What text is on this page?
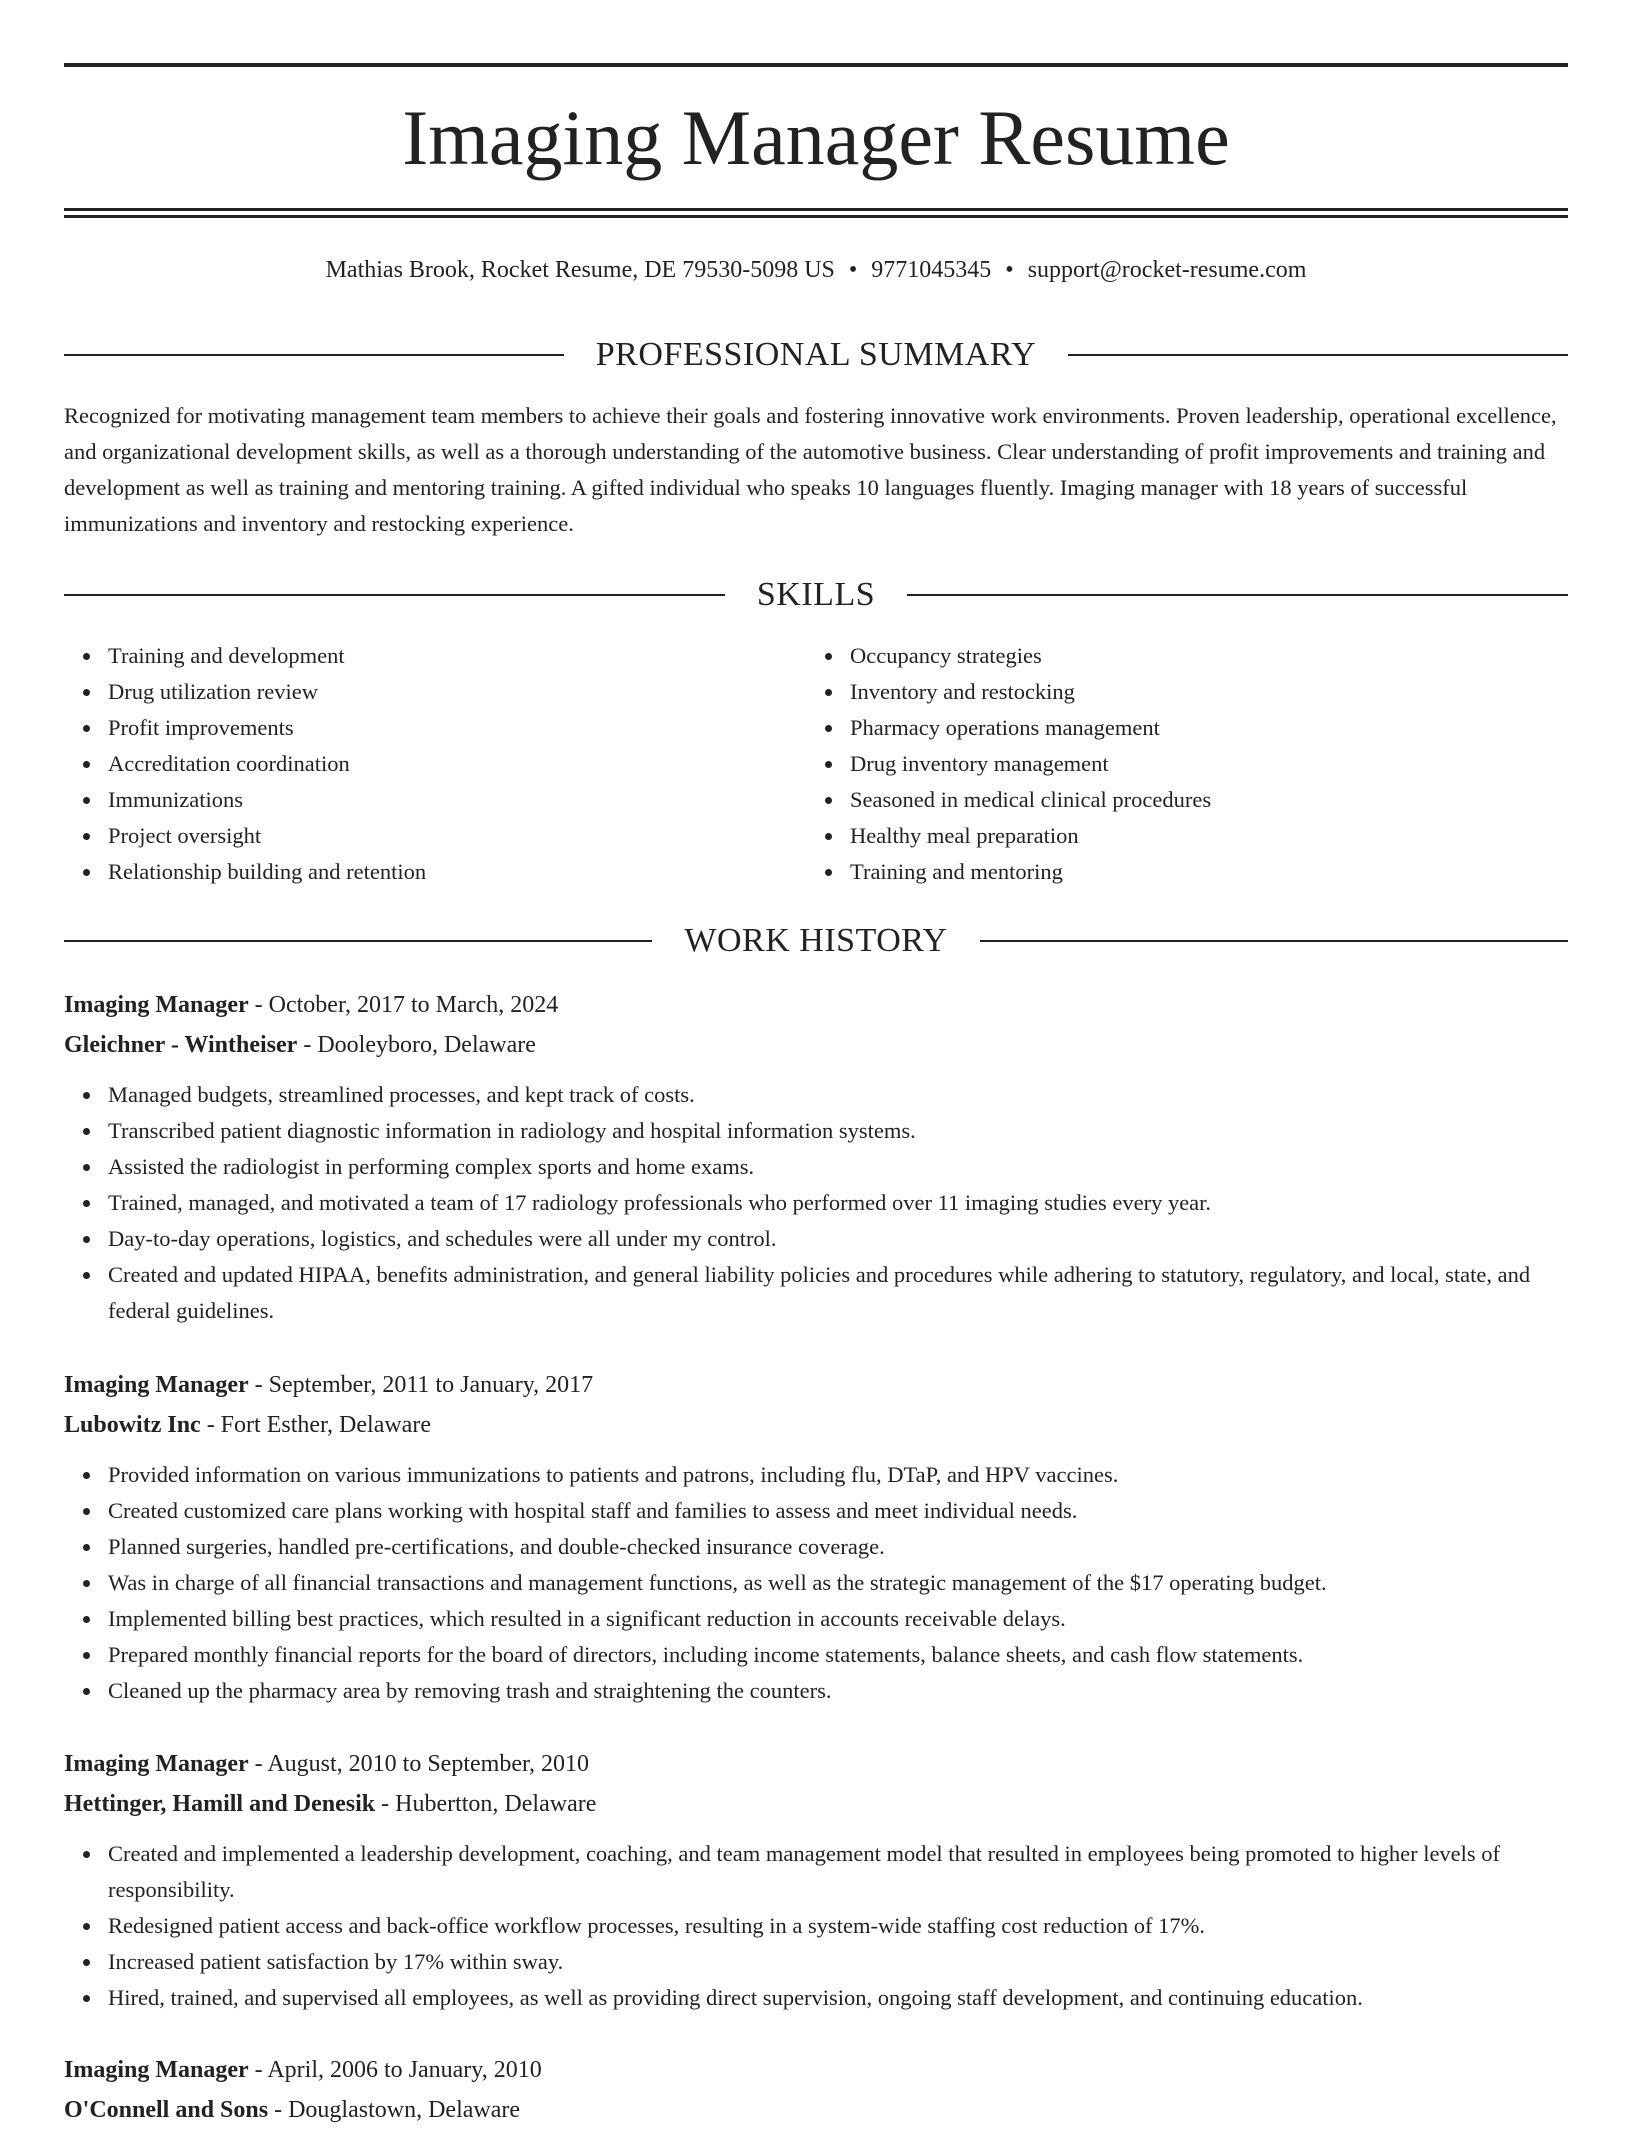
Imaging Manager Resume
Mathias Brook, Rocket Resume, DE 79530-5098 US • 9771045345 • support@rocket-resume.com
PROFESSIONAL SUMMARY

Recognized for motivating management team members to achieve their goals and fostering innovative work environments. Proven leadership, operational excellence, and organizational development skills, as well as a thorough understanding of the automotive business. Clear understanding of profit improvements and training and development as well as training and mentoring training. A gifted individual who speaks 10 languages fluently. Imaging manager with 18 years of successful immunizations and inventory and restocking experience.

SKILLS
Training and development
Drug utilization review
Profit improvements
Accreditation coordination
Immunizations
Project oversight
Relationship building and retention
Occupancy strategies
Inventory and restocking
Pharmacy operations management
Drug inventory management
Seasoned in medical clinical procedures
Healthy meal preparation
Training and mentoring
WORK HISTORY
Imaging Manager - October, 2017 to March, 2024
Gleichner - Wintheiser - Dooleyboro, Delaware
Managed budgets, streamlined processes, and kept track of costs.
Transcribed patient diagnostic information in radiology and hospital information systems.
Assisted the radiologist in performing complex sports and home exams.
Trained, managed, and motivated a team of 17 radiology professionals who performed over 11 imaging studies every year.
Day-to-day operations, logistics, and schedules were all under my control.
Created and updated HIPAA, benefits administration, and general liability policies and procedures while adhering to statutory, regulatory, and local, state, and federal guidelines.
Imaging Manager - September, 2011 to January, 2017
Lubowitz Inc - Fort Esther, Delaware
Provided information on various immunizations to patients and patrons, including flu, DTaP, and HPV vaccines.
Created customized care plans working with hospital staff and families to assess and meet individual needs.
Planned surgeries, handled pre-certifications, and double-checked insurance coverage.
Was in charge of all financial transactions and management functions, as well as the strategic management of the $17 operating budget.
Implemented billing best practices, which resulted in a significant reduction in accounts receivable delays.
Prepared monthly financial reports for the board of directors, including income statements, balance sheets, and cash flow statements.
Cleaned up the pharmacy area by removing trash and straightening the counters.
Imaging Manager - August, 2010 to September, 2010
Hettinger, Hamill and Denesik - Hubertton, Delaware
Created and implemented a leadership development, coaching, and team management model that resulted in employees being promoted to higher levels of responsibility.
Redesigned patient access and back-office workflow processes, resulting in a system-wide staffing cost reduction of 17%.
Increased patient satisfaction by 17% within sway.
Hired, trained, and supervised all employees, as well as providing direct supervision, ongoing staff development, and continuing education.
Imaging Manager - April, 2006 to January, 2010
O'Connell and Sons - Douglastown, Delaware
